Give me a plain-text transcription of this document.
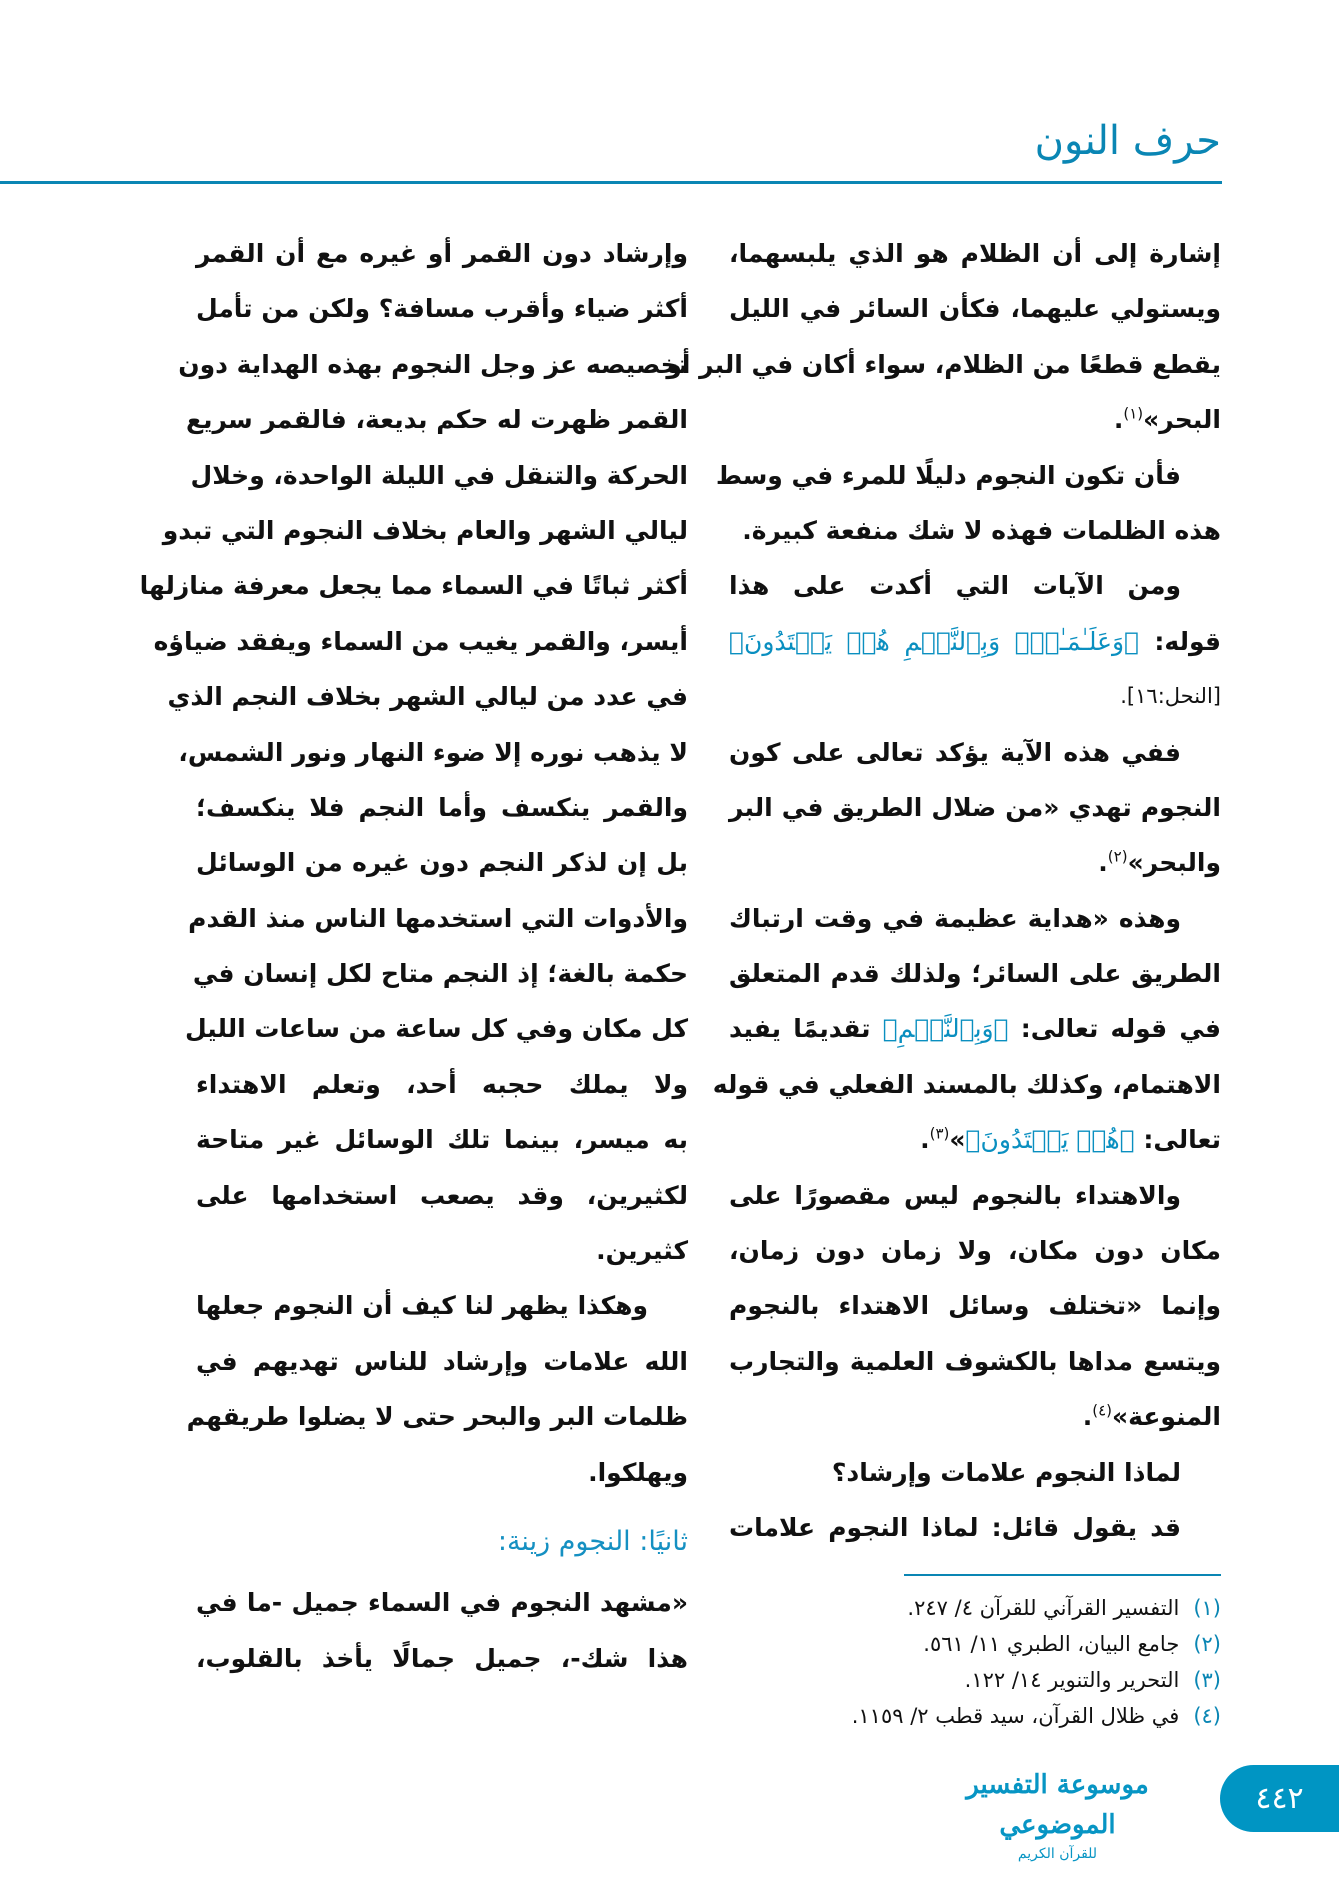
حرف النون
إشارة إلى أن الظلام هو الذي يلبسهما،
ويستولي عليهما، فكأن السائر في الليل
يقطع قطعًا من الظلام، سواء أكان في البر أو
البحر»$^{(١)}$.
فأن تكون النجوم دليلًا للمرء في وسط
هذه الظلمات فهذه لا شك منفعة كبيرة.
ومن الآيات التي أكدت على هذا
قوله: ﴿وَعَلَـٰمَـٰتٍۚ وَبِٱلنَّجۡمِ هُمۡ يَهۡتَدُونَ﴾
[النحل:١٦].
ففي هذه الآية يؤكد تعالى على كون
النجوم تهدي «من ضلال الطريق في البر
والبحر»$^{(٢)}$.
وهذه «هداية عظيمة في وقت ارتباك
الطريق على السائر؛ ولذلك قدم المتعلق
في قوله تعالى: ﴿وَبِٱلنَّجۡمِ﴾ تقديمًا يفيد
الاهتمام، وكذلك بالمسند الفعلي في قوله
تعالى: ﴿هُمۡ يَهۡتَدُونَ﴾»$^{(٣)}$.
والاهتداء بالنجوم ليس مقصورًا على
مكان دون مكان، ولا زمان دون زمان،
وإنما «تختلف وسائل الاهتداء بالنجوم
ويتسع مداها بالكشوف العلمية والتجارب
المنوعة»$^{(٤)}$.
لماذا النجوم علامات وإرشاد؟
قد يقول قائل: لماذا النجوم علامات
وإرشاد دون القمر أو غيره مع أن القمر
أكثر ضياء وأقرب مسافة؟ ولكن من تأمل
تخصيصه عز وجل النجوم بهذه الهداية دون
القمر ظهرت له حكم بديعة، فالقمر سريع
الحركة والتنقل في الليلة الواحدة، وخلال
ليالي الشهر والعام بخلاف النجوم التي تبدو
أكثر ثباتًا في السماء مما يجعل معرفة منازلها
أيسر، والقمر يغيب من السماء ويفقد ضياؤه
في عدد من ليالي الشهر بخلاف النجم الذي
لا يذهب نوره إلا ضوء النهار ونور الشمس،
والقمر ينكسف وأما النجم فلا ينكسف؛
بل إن لذكر النجم دون غيره من الوسائل
والأدوات التي استخدمها الناس منذ القدم
حكمة بالغة؛ إذ النجم متاح لكل إنسان في
كل مكان وفي كل ساعة من ساعات الليل
ولا يملك حجبه أحد، وتعلم الاهتداء
به ميسر، بينما تلك الوسائل غير متاحة
لكثيرين، وقد يصعب استخدامها على
كثيرين.
وهكذا يظهر لنا كيف أن النجوم جعلها
الله علامات وإرشاد للناس تهديهم في
ظلمات البر والبحر حتى لا يضلوا طريقهم
ويهلكوا.
ثانيًا: النجوم زينة:
«مشهد النجوم في السماء جميل -ما في
هذا شك-، جميل جمالًا يأخذ بالقلوب،
(١)التفسير القرآني للقرآن ٤/ ٢٤٧.
(٢)جامع البيان، الطبري ١١/ ٥٦١.
(٣)التحرير والتنوير ١٤/ ١٢٢.
(٤)في ظلال القرآن، سيد قطب ٢/ ١١٥٩.
موسوعة التفسير الموضوعي
للقرآن الكريم
٤٤٢
